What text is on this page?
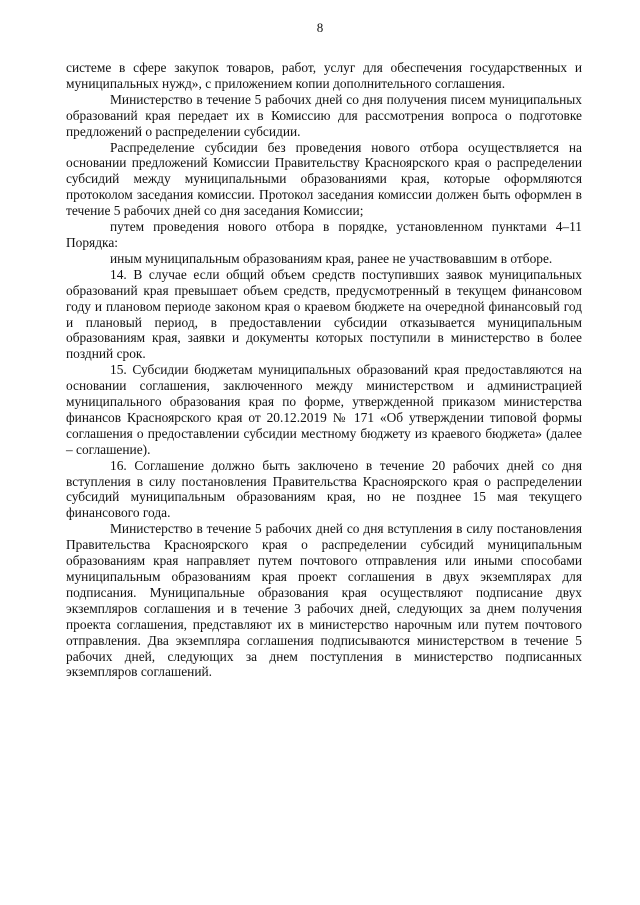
8

системе в сфере закупок товаров, работ, услуг для обеспечения государственных и муниципальных нужд», с приложением копии дополнительного соглашения.

Министерство в течение 5 рабочих дней со дня получения писем муниципальных образований края передает их в Комиссию для рассмотрения вопроса о подготовке предложений о распределении субсидии.

Распределение субсидии без проведения нового отбора осуществляется на основании предложений Комиссии Правительству Красноярского края о распределении субсидий между муниципальными образованиями края, которые оформляются протоколом заседания комиссии. Протокол заседания комиссии должен быть оформлен в течение 5 рабочих дней со дня заседания Комиссии;

путем проведения нового отбора в порядке, установленном пунктами 4–11 Порядка:

иным муниципальным образованиям края, ранее не участвовавшим в отборе.

14. В случае если общий объем средств поступивших заявок муниципальных образований края превышает объем средств, предусмотренный в текущем финансовом году и плановом периоде законом края о краевом бюджете на очередной финансовый год и плановый период, в предоставлении субсидии отказывается муниципальным образованиям края, заявки и документы которых поступили в министерство в более поздний срок.

15. Субсидии бюджетам муниципальных образований края предоставляются на основании соглашения, заключенного между министерством и администрацией муниципального образования края по форме, утвержденной приказом министерства финансов Красноярского края от 20.12.2019 № 171 «Об утверждении типовой формы соглашения о предоставлении субсидии местному бюджету из краевого бюджета» (далее – соглашение).

16. Соглашение должно быть заключено в течение 20 рабочих дней со дня вступления в силу постановления Правительства Красноярского края о распределении субсидий муниципальным образованиям края, но не позднее 15 мая текущего финансового года.

Министерство в течение 5 рабочих дней со дня вступления в силу постановления Правительства Красноярского края о распределении субсидий муниципальным образованиям края направляет путем почтового отправления или иными способами муниципальным образованиям края проект соглашения в двух экземплярах для подписания. Муниципальные образования края осуществляют подписание двух экземпляров соглашения и в течение 3 рабочих дней, следующих за днем получения проекта соглашения, представляют их в министерство нарочным или путем почтового отправления. Два экземпляра соглашения подписываются министерством в течение 5 рабочих дней, следующих за днем поступления в министерство подписанных экземпляров соглашений.
